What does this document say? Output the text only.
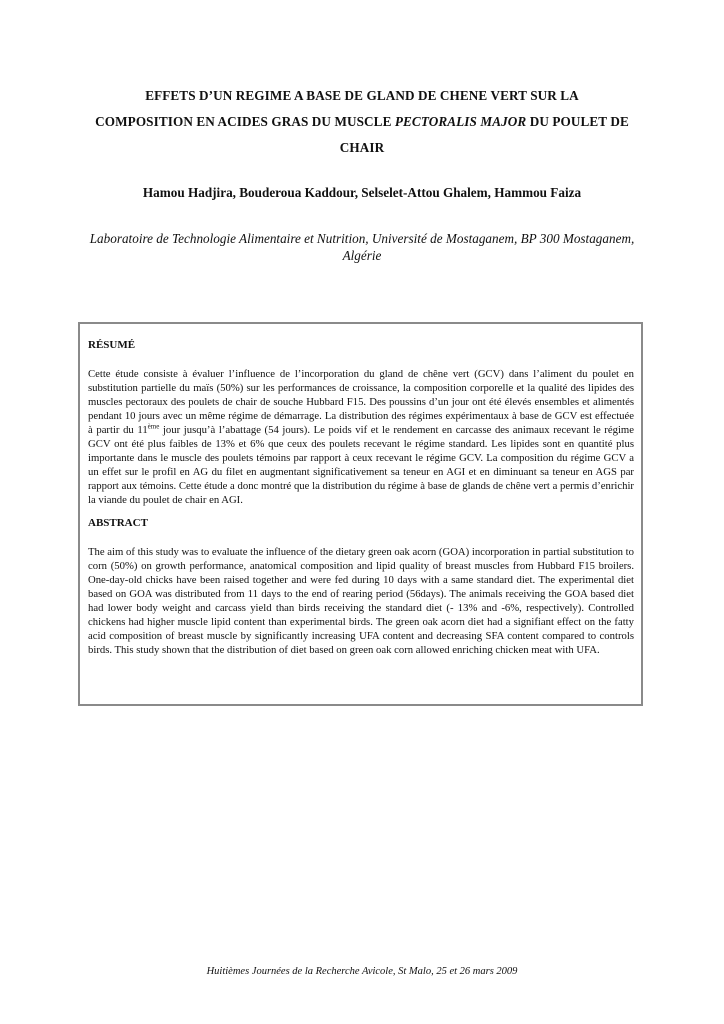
EFFETS D’UN REGIME A BASE DE GLAND DE CHENE VERT SUR LA COMPOSITION EN ACIDES GRAS DU MUSCLE PECTORALIS MAJOR DU POULET DE CHAIR
Hamou Hadjira, Bouderoua Kaddour, Selselet-Attou Ghalem, Hammou Faiza
Laboratoire de Technologie Alimentaire et Nutrition, Université de Mostaganem, BP 300 Mostaganem, Algérie
RÉSUMÉ

Cette étude consiste à évaluer l’influence de l’incorporation du gland de chêne vert (GCV) dans l’aliment du poulet en substitution partielle du maïs (50%) sur les performances de croissance, la composition corporelle et la qualité des lipides des muscles pectoraux des poulets de chair de souche Hubbard F15. Des poussins d’un jour ont été élevés ensembles et alimentés pendant 10 jours avec un même régime de démarrage. La distribution des régimes expérimentaux à base de GCV est effectuée à partir du 11ème jour jusqu’à l’abattage (54 jours). Le poids vif et le rendement en carcasse des animaux recevant le régime GCV ont été plus faibles de 13% et 6% que ceux des poulets recevant le régime standard. Les lipides sont en quantité plus importante dans le muscle des poulets témoins par rapport à ceux recevant le régime GCV. La composition du régime GCV a un effet sur le profil en AG du filet en augmentant significativement sa teneur en AGI et en diminuant sa teneur en AGS par rapport aux témoins. Cette étude a donc montré que la distribution du régime à base de glands de chêne vert a permis d’enrichir la viande du poulet de chair en AGI.

ABSTRACT

The aim of this study was to evaluate the influence of the dietary green oak acorn (GOA) incorporation in partial substitution to corn (50%) on growth performance, anatomical composition and lipid quality of breast muscles from Hubbard F15 broilers. One-day-old chicks have been raised together and were fed during 10 days with a same standard diet. The experimental diet based on GOA was distributed from 11 days to the end of rearing period (56days). The animals receiving the GOA based diet had lower body weight and carcass yield than birds receiving the standard diet (- 13% and -6%, respectively). Controlled chickens had higher muscle lipid content than experimental birds. The green oak acorn diet had a signifiant effect on the fatty acid composition of breast muscle by significantly increasing UFA content and decreasing SFA content compared to controls birds. This study shown that the distribution of diet based on green oak corn allowed enriching chicken meat with UFA.

Huitièmes Journées de la Recherche Avicole, St Malo, 25 et 26 mars 2009
